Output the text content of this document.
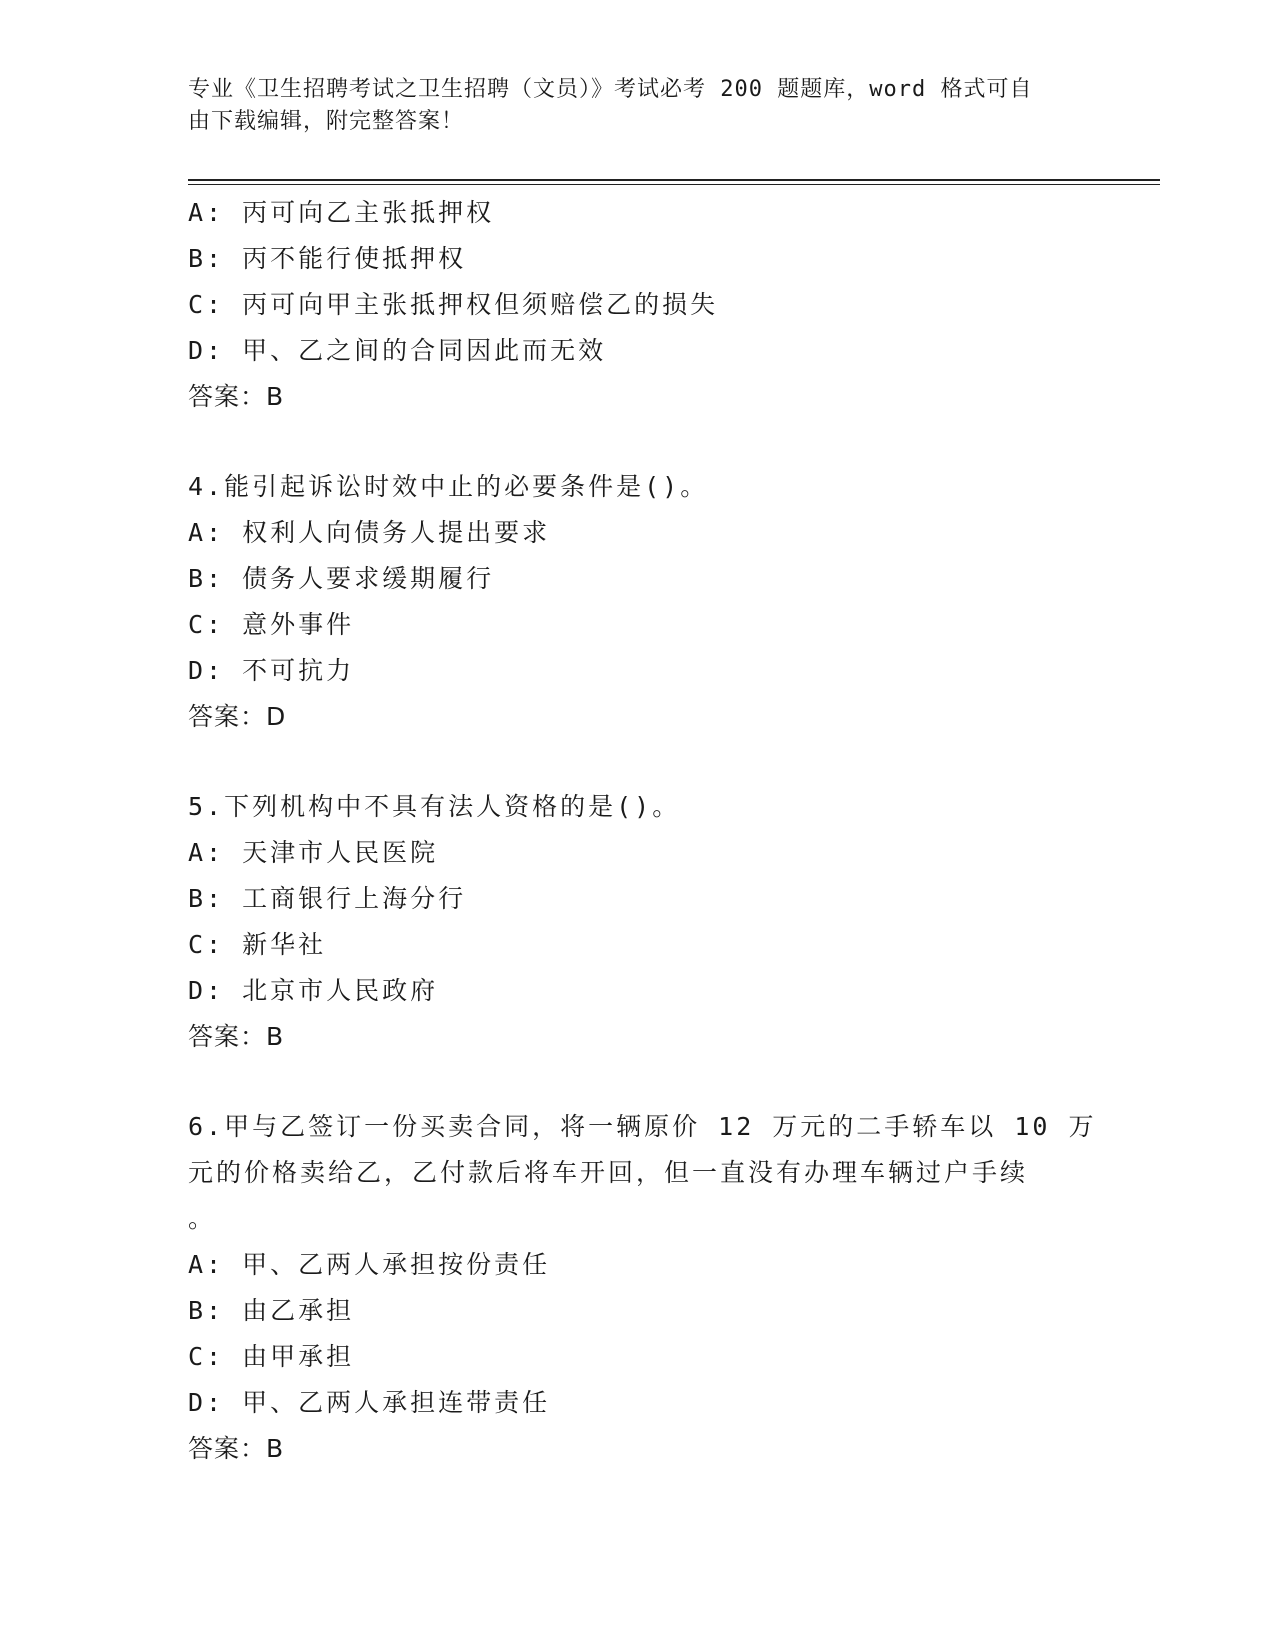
专业《卫生招聘考试之卫生招聘（文员）》考试必考 200 题题库，word 格式可自
由下载编辑，附完整答案！
A: 丙可向乙主张抵押权
B: 丙不能行使抵押权
C: 丙可向甲主张抵押权但须赔偿乙的损失
D: 甲、乙之间的合同因此而无效
答案：B
4.能引起诉讼时效中止的必要条件是()。
A: 权利人向债务人提出要求
B: 债务人要求缓期履行
C: 意外事件
D: 不可抗力
答案：D
5.下列机构中不具有法人资格的是()。
A: 天津市人民医院
B: 工商银行上海分行
C: 新华社
D: 北京市人民政府
答案：B
6.甲与乙签订一份买卖合同，将一辆原价 12 万元的二手轿车以 10 万
元的价格卖给乙，乙付款后将车开回，但一直没有办理车辆过户手续
。
A: 甲、乙两人承担按份责任
B: 由乙承担
C: 由甲承担
D: 甲、乙两人承担连带责任
答案：B
